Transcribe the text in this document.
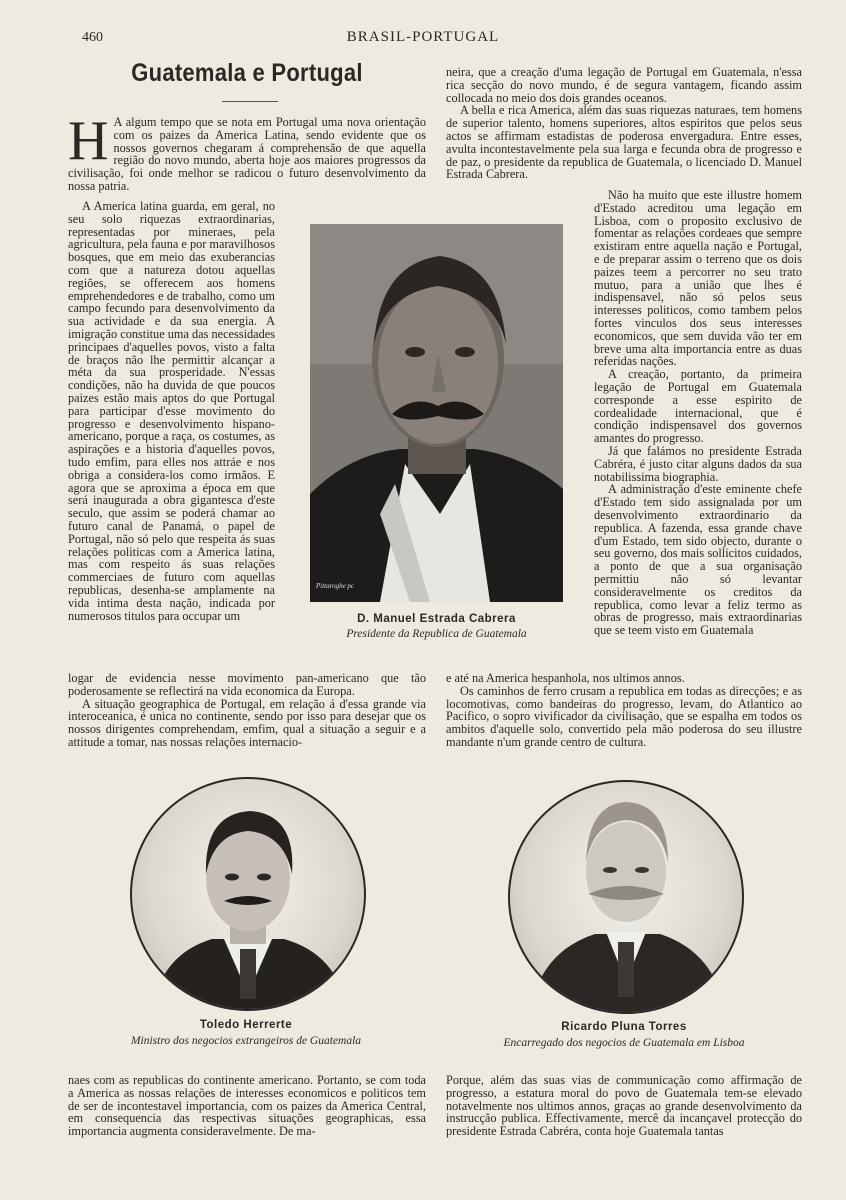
460	BRASIL-PORTUGAL
Guatemala e Portugal
H A algum tempo que se nota em Portugal uma nova orientação com os paizes da America Latina, sendo evidente que os nossos governos chegaram á comprehensão de que aquella região do novo mundo, aberta hoje aos maiores progressos da civilisação, foi onde melhor se radicou o futuro desenvolvimento da nossa patria.

A America latina guarda, em geral, no seu solo riquezas extraordinarias, representadas por mineraes, pela agricultura, pela fauna e por maravilhosos bosques, que em meio das exuberancias com que a natureza dotou aquellas regiões, se offerecem aos homens emprehendedores e de trabalho, como um campo fecundo para desenvolvimento da sua actividade e da sua energia. A imigração constitue uma das necessidades principaes d'aquelles povos, visto a falta de braços não lhe permittir alcançar a méta da sua prosperidade. N'essas condições, não ha duvida de que poucos paizes estão mais aptos do que Portugal para participar d'esse movimento do progresso e desenvolvimento hispano-americano, porque a raça, os costumes, as aspirações e a historia d'aquelles povos, tudo emfim, para elles nos attráe e nos obriga a considera-los como irmãos. E agora que se aproxima a época em que será inaugurada a obra gigantesca d'este seculo, que assim se poderá chamar ao futuro canal de Panamá, o papel de Portugal, não só pelo que respeita ás suas relações politicas com a America latina, mas com respeito ás suas relações commerciaes de futuro com aquellas republicas, desenha-se amplamente na vida intima desta nação, indicada por numerosos titulos para occupar um

logar de evidencia nesse movimento pan-americano que tão poderosamente se reflectirá na vida economica da Europa.

A situação geographica de Portugal, em relação á d'essa grande via interoceanica, é unica no continente, sendo por isso para desejar que os nossos dirigentes comprehendam, emfim, qual a situação a seguir e a attitude a tomar, nas nossas relações internacio-

neira, que a creação d'uma legação de Portugal em Guatemala, n'essa rica secção do novo mundo, é de segura vantagem, ficando assim collocada no meio dos dois grandes oceanos.

A bella e rica America, além das suas riquezas naturaes, tem homens de superior talento, homens superiores, altos espiritos que pelos seus actos se affirmam estadistas de poderosa envergadura. Entre esses, avulta incontestavelmente pela sua larga e fecunda obra de progresso e de paz, o presidente da republica de Guatemala, o licenciado D. Manuel Estrada Cabrera.

Não ha muito que este illustre homem d'Estado acreditou uma legação em Lisboa, com o proposito exclusivo de fomentar as relações cordeaes que sempre existiram entre aquella nação e Portugal, e de preparar assim o terreno que os dois paizes teem a percorrer no seu trato mutuo, para a união que lhes é indispensavel, não só pelos seus interesses politicos, como tambem pelos fortes vinculos dos seus interesses economicos, que sem duvida vão ter em breve uma alta importancia entre as duas referidas nações.

A creação, portanto, da primeira legação de Portugal em Guatemala corresponde a esse espirito de cordealidade internacional, que é condição indispensavel dos governos amantes do progresso.

Já que falámos no presidente Estrada Cabréra, é justo citar alguns dados da sua notabilissima biographia.

A administração d'este eminente chefe d'Estado tem sido assignalada por um desenvolvimento extraordinario da republica. A fazenda, essa grande chave d'um Estado, tem sido objecto, durante o seu governo, dos mais sollicitos cuidados, a ponto de que a sua organisação permittiu não só levantar consideravelmente os creditos da republica, como levar a feliz termo as obras de progresso, mais extraordinarias que se teem visto em Guatemala

e até na America hespanhola, nos ultimos annos.

Os caminhos de ferro crusam a republica em todas as direcções; e as locomotivas, como bandeiras do progresso, levam, do Atlantico ao Pacifico, o sopro vivificador da civilisação, que se espalha em todos os ambitos d'aquelle solo, convertido pela mão poderosa do seu illustre mandante n'um grande centro de cultura.

Pittaroghe pc
D. Manuel Estrada Cabrera
Presidente da Republica de Guatemala
Toledo Herrerte
Ministro dos negocios extrangeiros de Guatemala
Ricardo Pluna Torres
Encarregado dos negocios de Guatemala em Lisboa

naes com as republicas do continente americano. Portanto, se com toda a America as nossas relações de interesses economicos e politicos tem de ser de incontestavel importancia, com os paizes da America Central, em consequencia das respectivas situações geographicas, essa importancia augmenta consideravelmente. De ma-

Porque, além das suas vias de communicação como affirmação de progresso, a estatura moral do povo de Guatemala tem-se elevado notavelmente nos ultimos annos, graças ao grande desenvolvimento da instrucção publica. Effectivamente, mercê da incançavel protecção do presidente Estrada Cabréra, conta hoje Guatemala tantas
